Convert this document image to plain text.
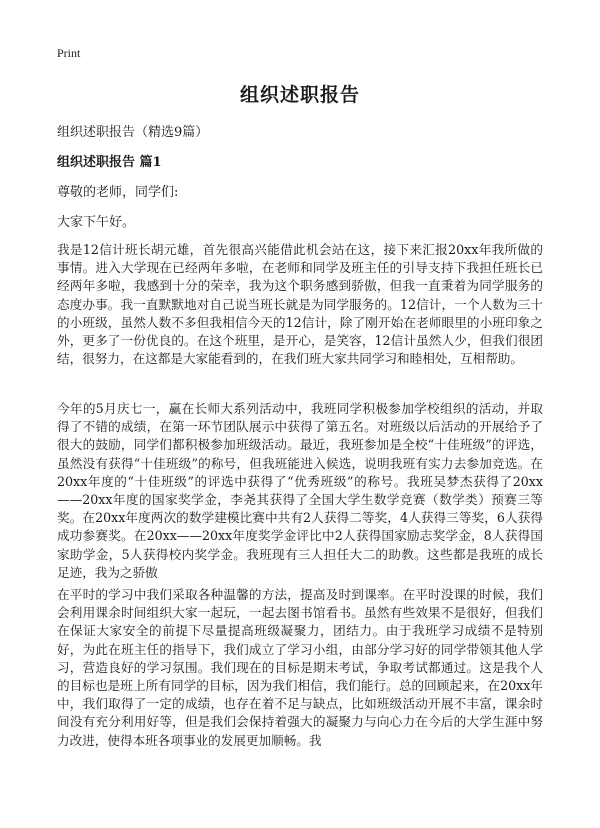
Print
组织述职报告
组织述职报告（精选9篇）
组织述职报告 篇1
尊敬的老师，同学们:
大家下午好。

我是12信计班长胡元雄，首先很高兴能借此机会站在这，接下来汇报20xx年我所做的事情。进入大学现在已经两年多啦，在老师和同学及班主任的引导支持下我担任班长已经两年多啦，我感到十分的荣幸，我为这个职务感到骄傲，但我一直秉着为同学服务的态度办事。我一直默默地对自己说当班长就是为同学服务的。12信计，一个人数为三十的小班级，虽然人数不多但我相信今天的12信计，除了刚开始在老师眼里的小班印象之外，更多了一份优良的。在这个班里，是开心，是笑容，12信计虽然人少，但我们很团结，很努力，在这都是大家能看到的，在我们班大家共同学习和睦相处，互相帮助。

今年的5月庆七一，赢在长师大系列活动中，我班同学积极参加学校组织的活动，并取得了不错的成绩，在第一环节团队展示中获得了第五名。对班级以后活动的开展给予了很大的鼓励，同学们都积极参加班级活动。最近，我班参加是全校“十佳班级”的评选，虽然没有获得“十佳班级”的称号，但我班能进入候选，说明我班有实力去参加竞选。在20xx年度的“十佳班级”的评选中获得了“优秀班级”的称号。我班吴梦杰获得了20xx——20xx年度的国家奖学金，李尧其获得了全国大学生数学竞赛（数学类）预赛三等奖。在20xx年度两次的数学建模比赛中共有2人获得二等奖，4人获得三等奖，6人获得成功参赛奖。在20xx——20xx年度奖学金评比中2人获得国家励志奖学金，8人获得国家助学金，5人获得校内奖学金。我班现有三人担任大二的助教。这些都是我班的成长足迹，我为之骄傲

在平时的学习中我们采取各种温馨的方法，提高及时到课率。在平时没课的时候，我们会利用课余时间组织大家一起玩，一起去图书馆看书。虽然有些效果不是很好，但我们在保证大家安全的前提下尽量提高班级凝聚力，团结力。由于我班学习成绩不是特别好，为此在班主任的指导下，我们成立了学习小组，由部分学习好的同学带领其他人学习，营造良好的学习氛围。我们现在的目标是期末考试，争取考试都通过。这是我个人的目标也是班上所有同学的目标，因为我们相信，我们能行。总的回顾起来，在20xx年中，我们取得了一定的成绩，也存在着不足与缺点，比如班级活动开展不丰富，课余时间没有充分利用好等，但是我们会保持着强大的凝聚力与向心力在今后的大学生涯中努力改进，使得本班各项事业的发展更加顺畅。我
